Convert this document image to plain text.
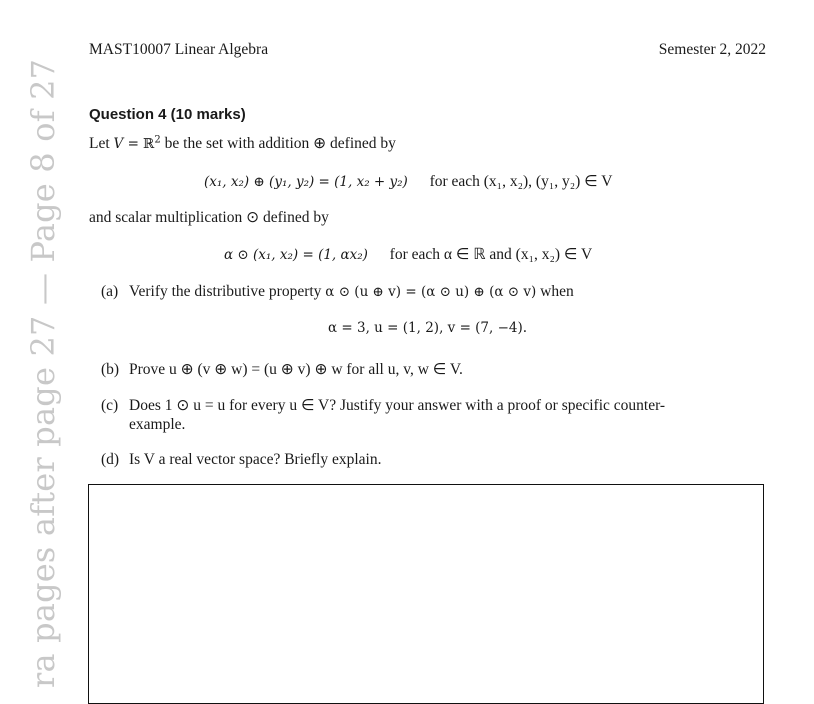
ra pages after page 27 — Page 8 of 27
MAST10007 Linear Algebra	Semester 2, 2022
Question 4 (10 marks)
Let V = ℝ$^2$ be the set with addition ⊕ defined by
(x₁, x₂) ⊕ (y₁, y₂) = (1, x₂ + y₂) for each (x₁, x₂), (y₁, y₂) ∈ V
and scalar multiplication ⊙ defined by
α ⊙ (x₁, x₂) = (1, αx₂) for each α ∈ ℝ and (x₁, x₂) ∈ V
(a) Verify the distributive property α ⊙ (u ⊕ v) = (α ⊙ u) ⊕ (α ⊙ v) when
α = 3, u = (1, 2), v = (7, −4).
(b) Prove u ⊕ (v ⊕ w) = (u ⊕ v) ⊕ w for all u, v, w ∈ V.
(c) Does 1 ⊙ u = u for every u ∈ V? Justify your answer with a proof or specific counter-
example.
(d) Is V a real vector space? Briefly explain.
